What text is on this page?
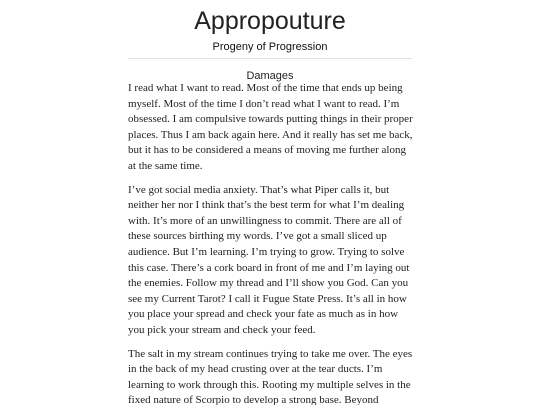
Appropouture
Progeny of Progression
Damages

I read what I want to read. Most of the time that ends up being myself. Most of the time I don’t read what I want to read. I’m obsessed. I am compulsive towards putting things in their proper places. Thus I am back again here. And it really has set me back, but it has to be considered a means of moving me further along at the same time.

I’ve got social media anxiety. That’s what Piper calls it, but neither her nor I think that’s the best term for what I’m dealing with. It’s more of an unwillingness to commit. There are all of these sources birthing my words. I’ve got a small sliced up audience. But I’m learning. I’m trying to grow. Trying to solve this case. There’s a cork board in front of me and I’m laying out the enemies. Follow my thread and I’ll show you God. Can you see my Current Tarot? I call it Fugue State Press. It’s all in how you place your spread and check your fate as much as in how you pick your stream and check your feed.

The salt in my stream continues trying to take me over. The eyes in the back of my head crusting over at the tear ducts. I’m learning to work through this. Rooting my multiple selves in the fixed nature of Scorpio to develop a strong base. Beyond
